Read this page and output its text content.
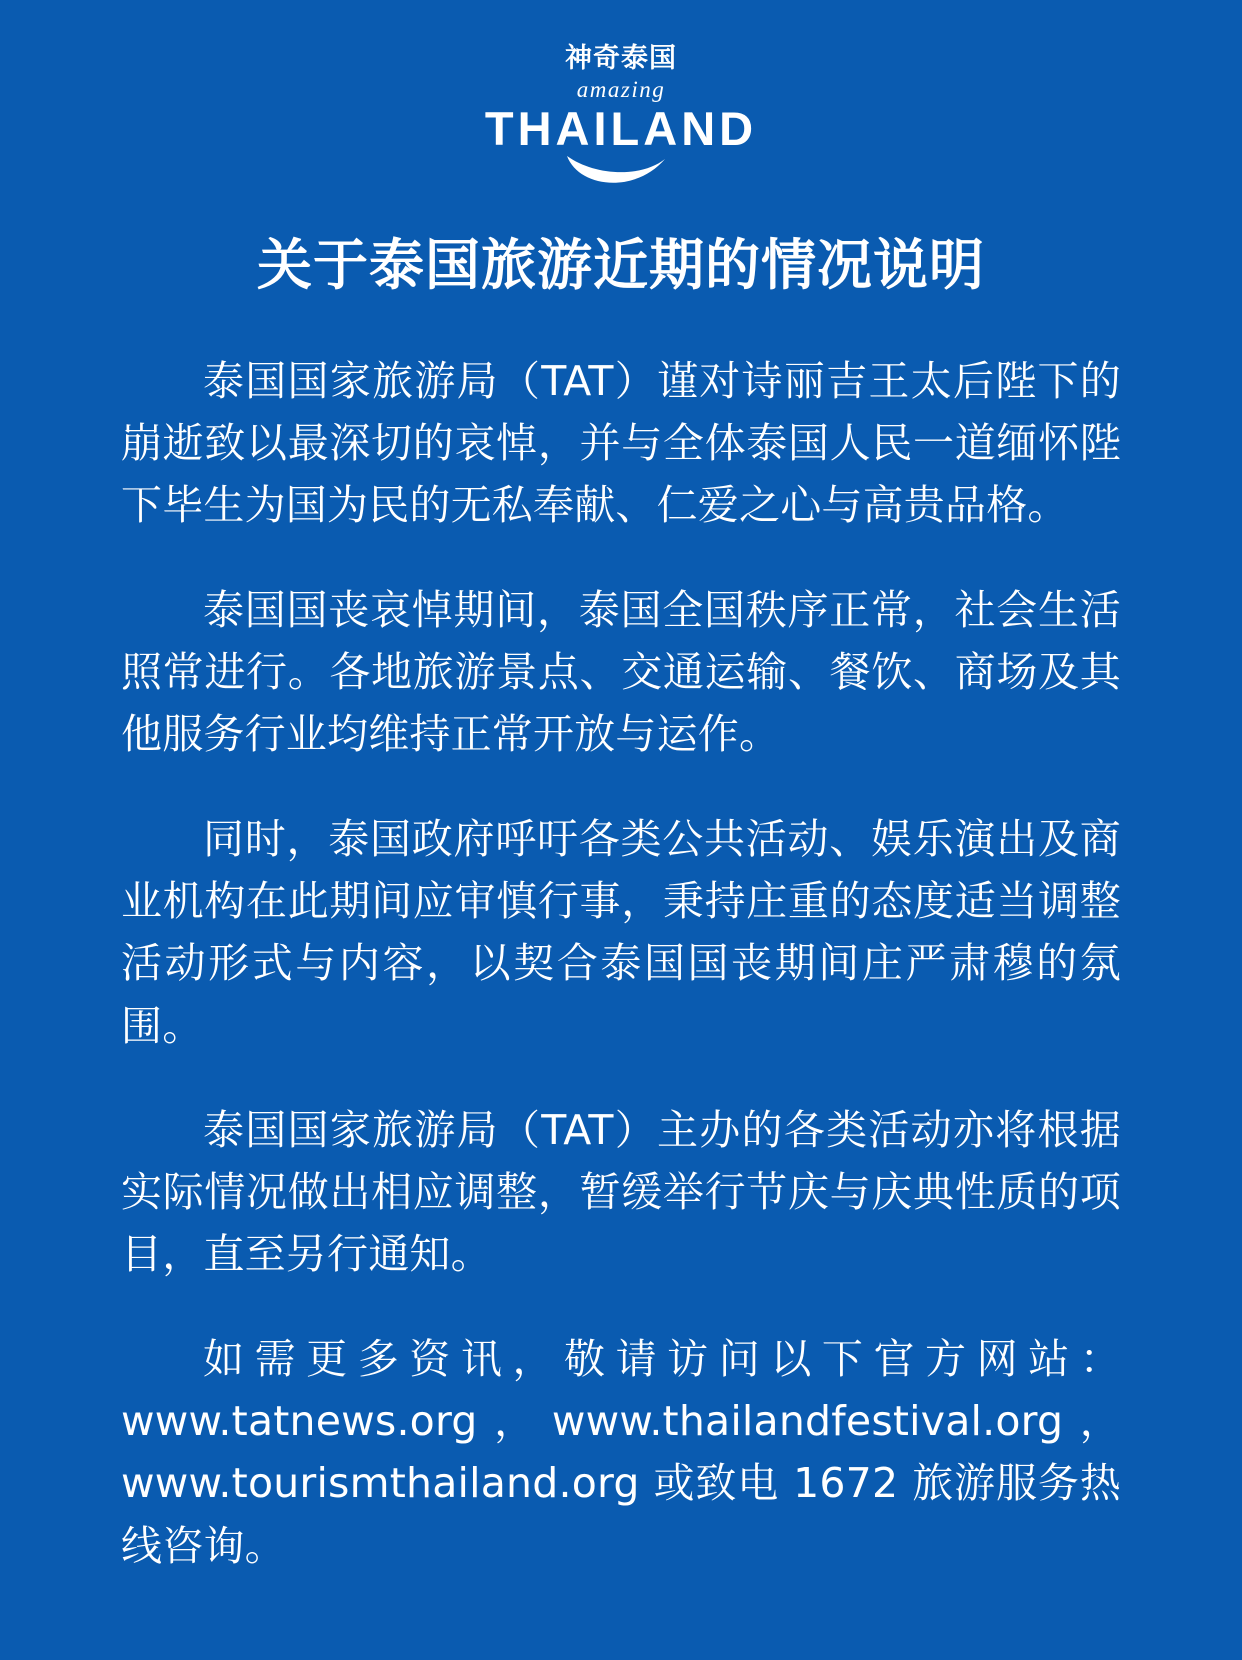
神奇泰国
amazing
THAILAND
关于泰国旅游近期的情况说明

泰国国家旅游局（TAT）谨对诗丽吉王太后陛下的崩逝致以最深切的哀悼，并与全体泰国人民一道缅怀陛下毕生为国为民的无私奉献、仁爱之心与高贵品格。

泰国国丧哀悼期间，泰国全国秩序正常，社会生活照常进行。各地旅游景点、交通运输、餐饮、商场及其他服务行业均维持正常开放与运作。

同时，泰国政府呼吁各类公共活动、娱乐演出及商业机构在此期间应审慎行事，秉持庄重的态度适当调整活动形式与内容，以契合泰国国丧期间庄严肃穆的氛围。

泰国国家旅游局（TAT）主办的各类活动亦将根据实际情况做出相应调整，暂缓举行节庆与庆典性质的项目，直至另行通知。

如需更多资讯，敬请访问以下官方网站：www.tatnews.org，www.thailandfestival.org，www.tourismthailand.org 或致电 1672 旅游服务热线咨询。
